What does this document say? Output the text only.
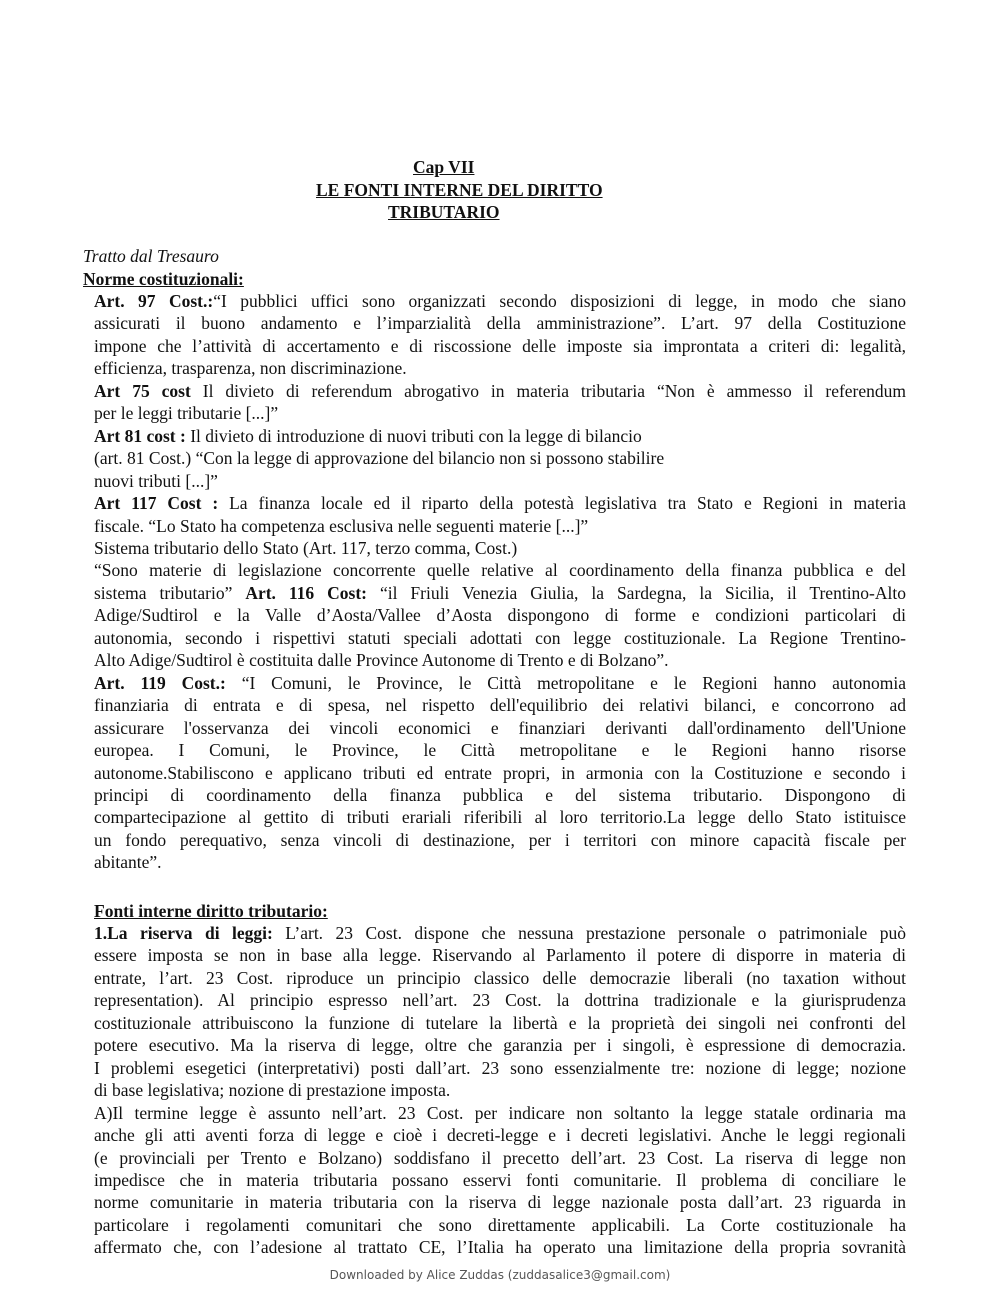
Cap VII
LE FONTI INTERNE DEL DIRITTO
TRIBUTARIO
Tratto dal Tresauro
Norme costituzionali:
Art. 97 Cost.:“I pubblici uffici sono organizzati secondo disposizioni di legge, in modo che siano
assicurati il buono andamento e l’imparzialità della amministrazione”. L’art. 97 della Costituzione
impone che l’attività di accertamento e di riscossione delle imposte sia improntata a criteri di: legalità,
efficienza, trasparenza, non discriminazione.
Art 75 cost Il divieto di referendum abrogativo in materia tributaria “Non è ammesso il referendum
per le leggi tributarie [...]”
Art 81 cost : Il divieto di introduzione di nuovi tributi con la legge di bilancio
(art. 81 Cost.) “Con la legge di approvazione del bilancio non si possono stabilire
nuovi tributi [...]”
Art 117 Cost : La finanza locale ed il riparto della potestà legislativa tra Stato e Regioni in materia
fiscale. “Lo Stato ha competenza esclusiva nelle seguenti materie [...]”
Sistema tributario dello Stato (Art. 117, terzo comma, Cost.)
“Sono materie di legislazione concorrente quelle relative al coordinamento della finanza pubblica e del
sistema tributario” Art. 116 Cost: “il Friuli Venezia Giulia, la Sardegna, la Sicilia, il Trentino-Alto
Adige/Sudtirol e la Valle d’Aosta/Vallee d’Aosta dispongono di forme e condizioni particolari di
autonomia, secondo i rispettivi statuti speciali adottati con legge costituzionale. La Regione Trentino-
Alto Adige/Sudtirol è costituita dalle Province Autonome di Trento e di Bolzano”.
Art. 119 Cost.: “I Comuni, le Province, le Città metropolitane e le Regioni hanno autonomia
finanziaria di entrata e di spesa, nel rispetto dell'equilibrio dei relativi bilanci, e concorrono ad
assicurare l'osservanza dei vincoli economici e finanziari derivanti dall'ordinamento dell'Unione
europea. I Comuni, le Province, le Città metropolitane e le Regioni hanno risorse
autonome.Stabiliscono e applicano tributi ed entrate propri, in armonia con la Costituzione e secondo i
principi di coordinamento della finanza pubblica e del sistema tributario. Dispongono di
compartecipazione al gettito di tributi erariali riferibili al loro territorio.La legge dello Stato istituisce
un fondo perequativo, senza vincoli di destinazione, per i territori con minore capacità fiscale per
abitante”.
Fonti interne diritto tributario:
1.La riserva di leggi: L’art. 23 Cost. dispone che nessuna prestazione personale o patrimoniale può
essere imposta se non in base alla legge. Riservando al Parlamento il potere di disporre in materia di
entrate, l’art. 23 Cost. riproduce un principio classico delle democrazie liberali (no taxation without
representation). Al principio espresso nell’art. 23 Cost. la dottrina tradizionale e la giurisprudenza
costituzionale attribuiscono la funzione di tutelare la libertà e la proprietà dei singoli nei confronti del
potere esecutivo. Ma la riserva di legge, oltre che garanzia per i singoli, è espressione di democrazia.
I problemi esegetici (interpretativi) posti dall’art. 23 sono essenzialmente tre: nozione di legge; nozione
di base legislativa; nozione di prestazione imposta.
A)Il termine legge è assunto nell’art. 23 Cost. per indicare non soltanto la legge statale ordinaria ma
anche gli atti aventi forza di legge e cioè i decreti-legge e i decreti legislativi. Anche le leggi regionali
(e provinciali per Trento e Bolzano) soddisfano il precetto dell’art. 23 Cost. La riserva di legge non
impedisce che in materia tributaria possano esservi fonti comunitarie. Il problema di conciliare le
norme comunitarie in materia tributaria con la riserva di legge nazionale posta dall’art. 23 riguarda in
particolare i regolamenti comunitari che sono direttamente applicabili. La Corte costituzionale ha
affermato che, con l’adesione al trattato CE, l’Italia ha operato una limitazione della propria sovranità
Downloaded by Alice Zuddas (zuddasalice3@gmail.com)
